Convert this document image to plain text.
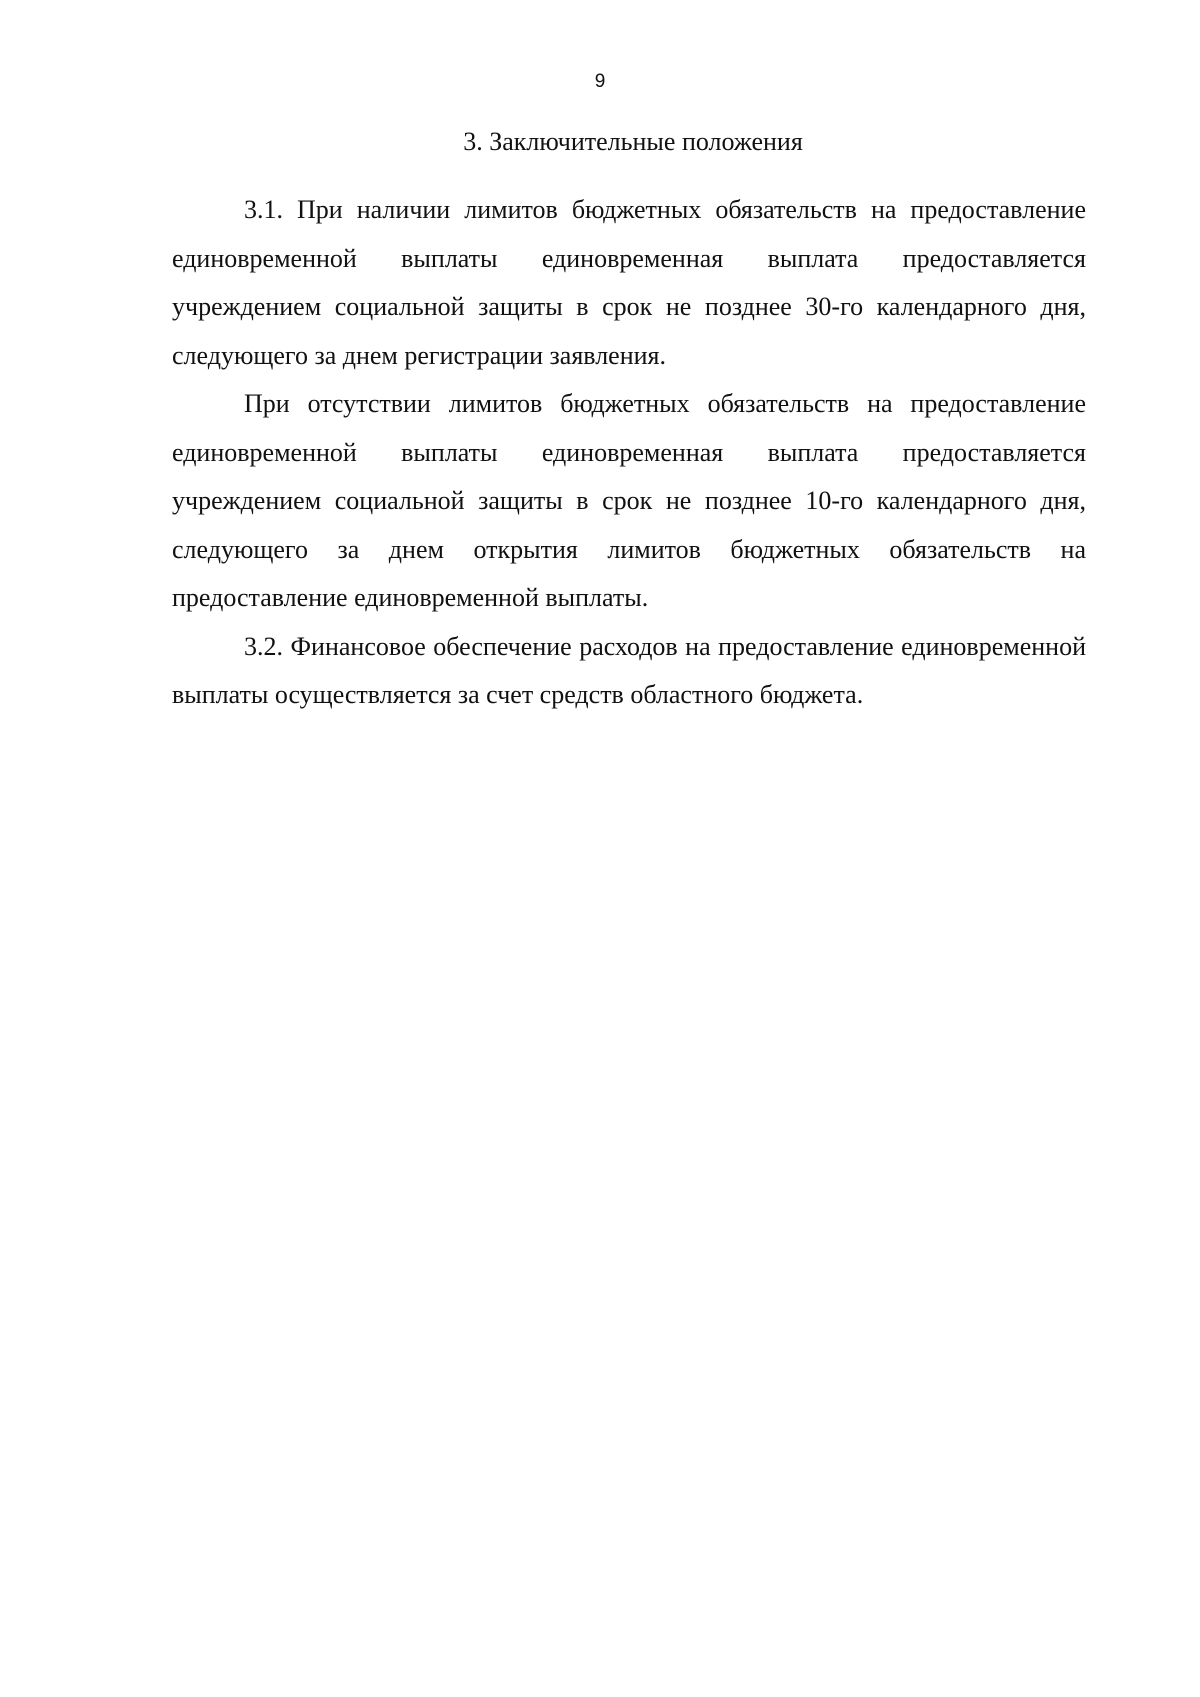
9
3. Заключительные положения

3.1. При наличии лимитов бюджетных обязательств на предоставление единовременной выплаты единовременная выплата предоставляется учреждением социальной защиты в срок не позднее 30-го календарного дня, следующего за днем регистрации заявления.

При отсутствии лимитов бюджетных обязательств на предоставление единовременной выплаты единовременная выплата предоставляется учреждением социальной защиты в срок не позднее 10-го календарного дня, следующего за днем открытия лимитов бюджетных обязательств на предоставление единовременной выплаты.

3.2. Финансовое обеспечение расходов на предоставление единовременной выплаты осуществляется за счет средств областного бюджета.
